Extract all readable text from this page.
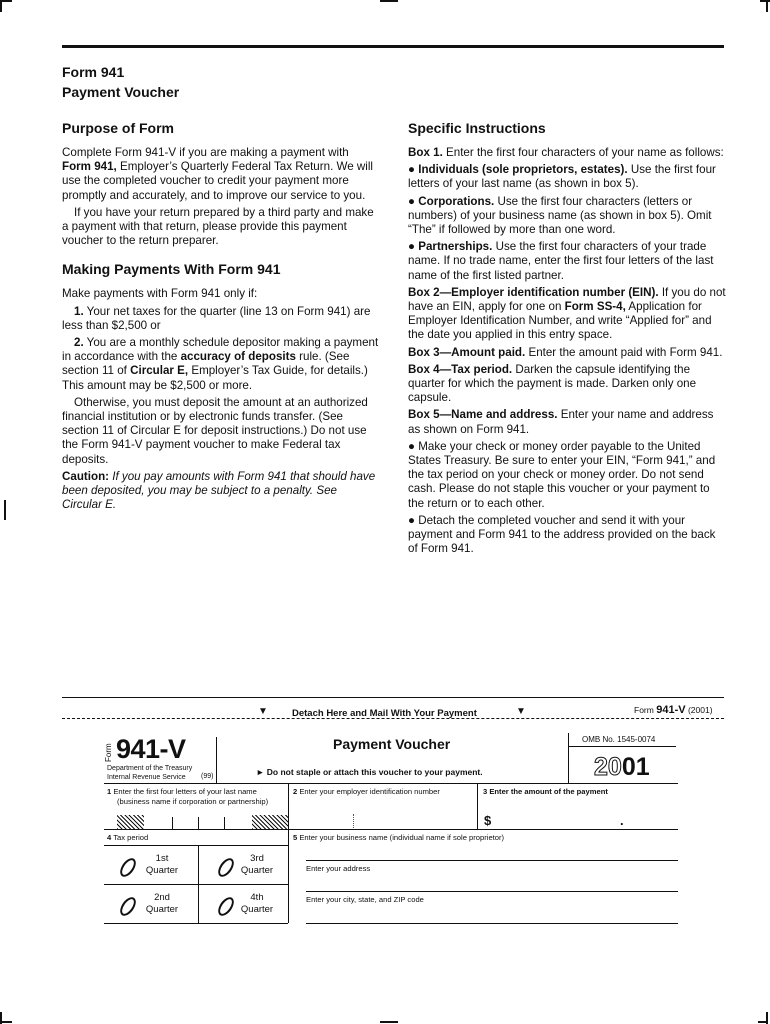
Form 941
Payment Voucher
Purpose of Form

Complete Form 941-V if you are making a payment with Form 941, Employer’s Quarterly Federal Tax Return. We will use the completed voucher to credit your payment more promptly and accurately, and to improve our service to you.

If you have your return prepared by a third party and make a payment with that return, please provide this payment voucher to the return preparer.

Making Payments With Form 941

Make payments with Form 941 only if:

1. Your net taxes for the quarter (line 13 on Form 941) are less than $2,500 or

2. You are a monthly schedule depositor making a payment in accordance with the accuracy of deposits rule. (See section 11 of Circular E, Employer’s Tax Guide, for details.) This amount may be $2,500 or more.

Otherwise, you must deposit the amount at an authorized financial institution or by electronic funds transfer. (See section 11 of Circular E for deposit instructions.) Do not use the Form 941-V payment voucher to make Federal tax deposits.

Caution: If you pay amounts with Form 941 that should have been deposited, you may be subject to a penalty. See Circular E.

Specific Instructions

Box 1. Enter the first four characters of your name as follows:

● Individuals (sole proprietors, estates). Use the first four letters of your last name (as shown in box 5).

● Corporations. Use the first four characters (letters or numbers) of your business name (as shown in box 5). Omit “The” if followed by more than one word.

● Partnerships. Use the first four characters of your trade name. If no trade name, enter the first four letters of the last name of the first listed partner.

Box 2—Employer identification number (EIN). If you do not have an EIN, apply for one on Form SS-4, Application for Employer Identification Number, and write “Applied for” and the date you applied in this entry space.

Box 3—Amount paid. Enter the amount paid with Form 941.

Box 4—Tax period. Darken the capsule identifying the quarter for which the payment is made. Darken only one capsule.

Box 5—Name and address. Enter your name and address as shown on Form 941.

● Make your check or money order payable to the United States Treasury. Be sure to enter your EIN, “Form 941,” and the tax period on your check or money order. Do not send cash. Please do not staple this voucher or your payment to the return or to each other.

● Detach the completed voucher and send it with your payment and Form 941 to the address provided on the back of Form 941.

▼	Detach Here and Mail With Your Payment	▼	Form 941-V (2001)
Form 941-V
Department of the Treasury
Internal Revenue Service	(99)
Payment Voucher
► Do not staple or attach this voucher to your payment.
OMB No. 1545-0074
2001
1 Enter the first four letters of your last name
(business name if corporation or partnership)
2 Enter your employer identification number	3 Enter the amount of the payment
$	.
4 Tax period
1st
Quarter
3rd
Quarter
2nd
Quarter
4th
Quarter
5 Enter your business name (individual name if sole proprietor)
Enter your address
Enter your city, state, and ZIP code
